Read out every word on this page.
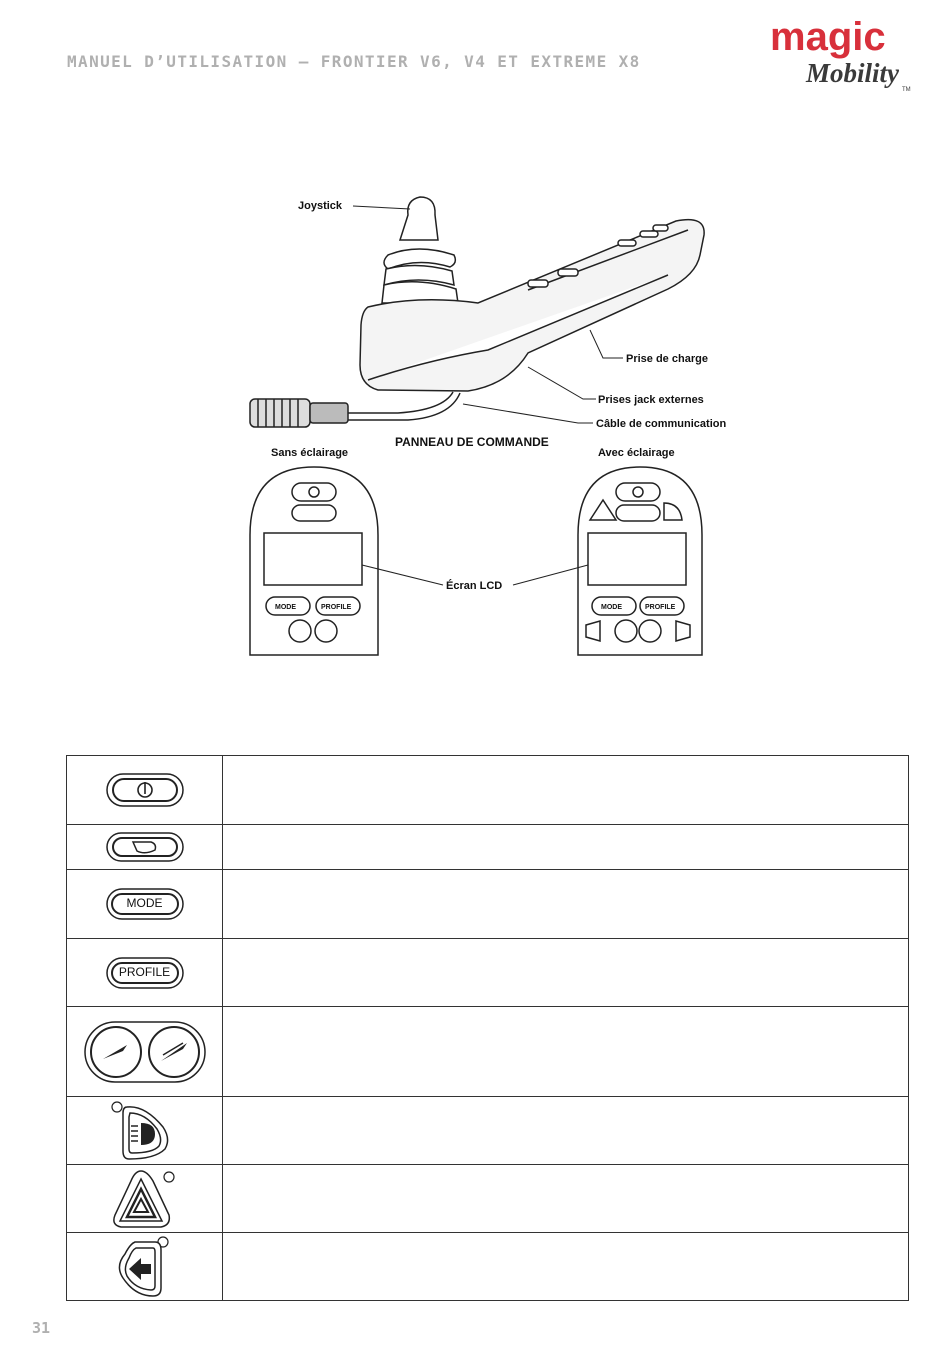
MANUEL D’UTILISATION – FRONTIER V6, V4 ET EXTREME X8
magic
Mobility
TM
Joystick
Prise de charge
Prises jack externes
Câble de communication
PANNEAU DE COMMANDE
Sans éclairage	Avec éclairage
Écran LCD
MODE	PROFILE	MODE	PROFILE

MODE	

PROFILE	

31
